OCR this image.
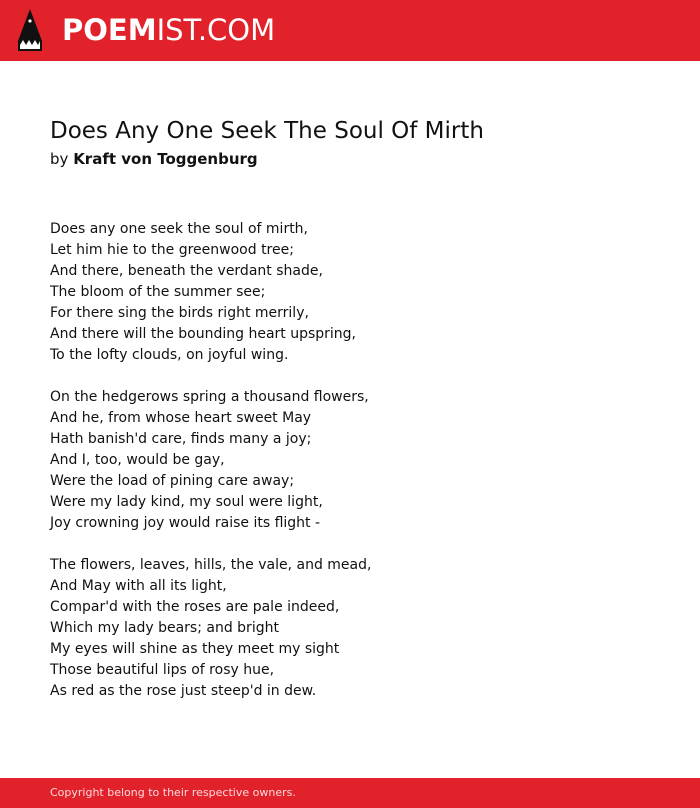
POEMIST.COM
Does Any One Seek The Soul Of Mirth
by Kraft von Toggenburg
Does any one seek the soul of mirth,
Let him hie to the greenwood tree;
And there, beneath the verdant shade,
The bloom of the summer see;
For there sing the birds right merrily,
And there will the bounding heart upspring,
To the lofty clouds, on joyful wing.
On the hedgerows spring a thousand flowers,
And he, from whose heart sweet May
Hath banish'd care, finds many a joy;
And I, too, would be gay,
Were the load of pining care away;
Were my lady kind, my soul were light,
Joy crowning joy would raise its flight -
The flowers, leaves, hills, the vale, and mead,
And May with all its light,
Compar'd with the roses are pale indeed,
Which my lady bears; and bright
My eyes will shine as they meet my sight
Those beautiful lips of rosy hue,
As red as the rose just steep'd in dew.
Copyright belong to their respective owners.
